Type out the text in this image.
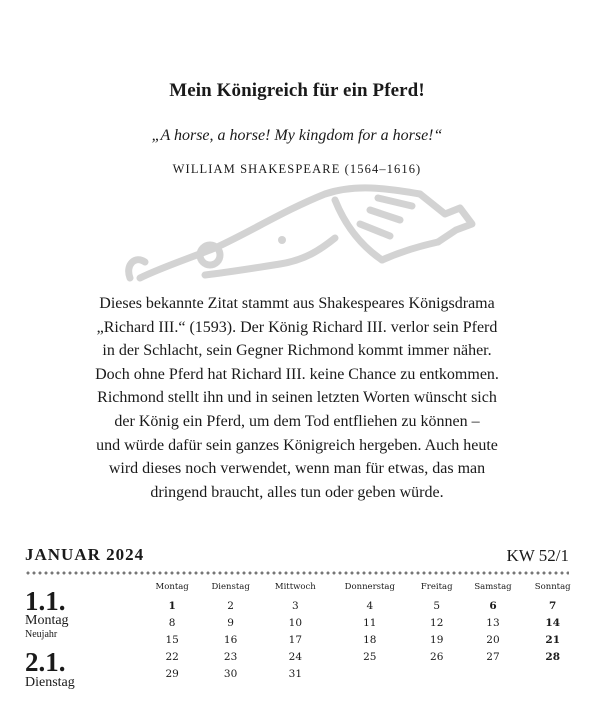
Mein Königreich für ein Pferd!
„A horse, a horse! My kingdom for a horse!“
WILLIAM SHAKESPEARE (1564–1616)
Dieses bekannte Zitat stammt aus Shakespeares Königsdrama
„Richard III.“ (1593). Der König Richard III. verlor sein Pferd
in der Schlacht, sein Gegner Richmond kommt immer näher.
Doch ohne Pferd hat Richard III. keine Chance zu entkommen.
Richmond stellt ihn und in seinen letzten Worten wünscht sich
der König ein Pferd, um dem Tod entfliehen zu können –
und würde dafür sein ganzes Königreich hergeben. Auch heute
wird dieses noch verwendet, wenn man für etwas, das man
dringend braucht, alles tun oder geben würde.
JANUAR 2024	KW 52/1
1.1.
Montag
Neujahr
2.1.
Dienstag
Montag	Dienstag	Mittwoch	Donnerstag	Freitag	Samstag	Sonntag
1	2	3	4	5	6	7
8	9	10	11	12	13	14
15	16	17	18	19	20	21
22	23	24	25	26	27	28
29	30	31				
